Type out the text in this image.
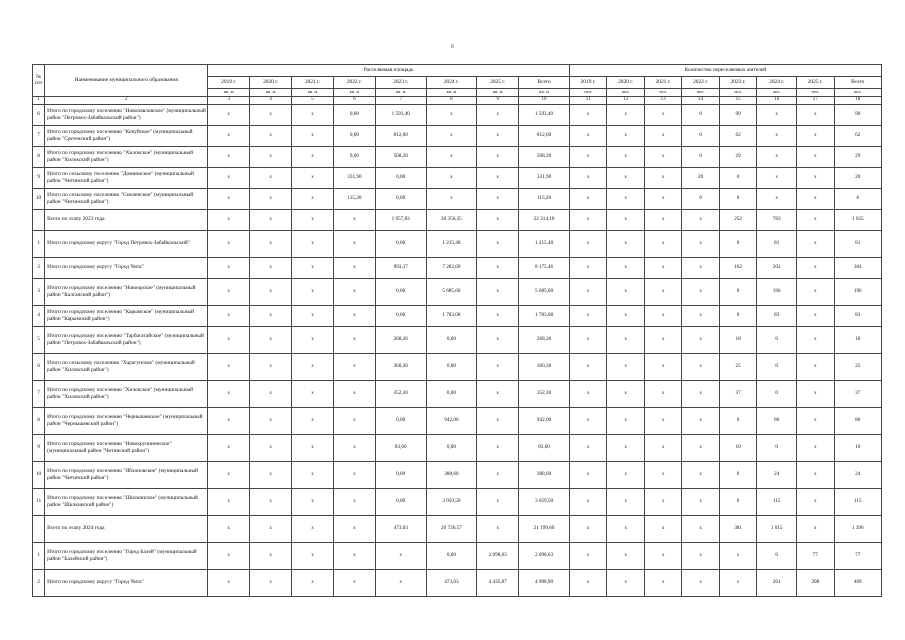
6
№ п/п	Наименование муниципального образования	Расселяемая площадь								Количество переселяемых жителей							
		2019 г.	2020 г.	2021 г.	2022 г.	2023 г.	2024 г.	2025 г.	Всего	2019 г.	2020 г.	2021 г.	2022 г.	2023 г.	2024 г.	2025 г.	Всего
		кв. м	кв. м	кв. м	кв. м	кв. м	кв. м	кв. м	кв. м	чел.	чел.	чел.	чел.	чел.	чел.	чел.	чел.
1	2	3	4	5	6	7	8	9	10	11	12	13	14	15	16	17	18
6	Итого по городскому поселению "Новопавловское" (муниципальный район "Петровск-Забайкальский район")	x	x	x	0,00	1 593,40	x	x	1 593,40	x	x	x	0	99	x	x	99
7	Итого по городскому поселению "Кокуйское" (муниципальный район "Сретенский район")	x	x	x	0,00	812,60	x	x	812,60	x	x	x	0	62	x	x	62
8	Итого по городскому поселению "Хилокское" (муниципальный район "Хилокский район")	x	x	x	0,00	508,20	x	x	508,20	x	x	x	0	29	x	x	29
9	Итого по сельскому поселению "Домнинское" (муниципальный район "Читинский район")	x	x	x	331,90	0,00	x	x	331,90	x	x	x	20	0	x	x	20
10	Итого по сельскому поселению "Смоленское" (муниципальный район "Читинский район")	x	x	x	115,20	0,00	x	x	115,20	x	x	x	6	0	x	x	6
	Всего по этапу 2023 года	x	x	x	x	1 957,83	20 356,35	x	22 314,18	x	x	x	x	252	783	x	1 035
1	Итого по городскому округу "Город Петровск-Забайкальский"	x	x	x	x	0,00	1 215,48	x	1 215,48	x	x	x	x	0	81	x	81
2	Итого по городскому округу "Город Чита"	x	x	x	x	893,37	7 282,09	x	8 175,46	x	x	x	x	162	202	x	364
3	Итого по городскому поселению "Новоорское" (муниципальный район "Калганский район")	x	x	x	x	0,00	5 685,60	x	5 685,60	x	x	x	x	0	196	x	196
4	Итого по городскому поселению "Карымское" (муниципальный район "Карымский район")	x	x	x	x	0,00	1 783,08	x	1 783,08	x	x	x	x	0	83	x	83
5	Итого по городскому поселению "Тарбагатайское" (муниципальный район "Петровск-Забайкальский район")	x	x	x	x	268,26	0,00	x	268,26	x	x	x	x	18	0	x	18
6	Итого по сельскому поселению "Харагунское" (муниципальный район "Хилокский район")	x	x	x	x	360,30	0,00	x	360,30	x	x	x	x	25	0	x	25
7	Итого по городскому поселению "Хилокское" (муниципальный район "Хилокский район")	x	x	x	x	352,30	0,00	x	352,30	x	x	x	x	37	0	x	37
8	Итого по городскому поселению "Чернышевское" (муниципальный район "Чернышевский район")	x	x	x	x	0,00	942,00	x	942,00	x	x	x	x	0	86	x	86
9	Итого по городскому поселению "Новокручининское" (муниципальный район "Читинский район")	x	x	x	x	83,60	0,00	x	83,60	x	x	x	x	10	0	x	10
10	Итого по городскому поселению "Яблоновское" (муниципальный район "Читинский район")	x	x	x	x	0,00	388,60	x	388,60	x	x	x	x	0	24	x	24
11	Итого по городскому поселению "Шилкинское" (муниципальный район "Шилкинский район")	x	x	x	x	0,00	3 059,50	x	3 059,50	x	x	x	x	0	115	x	115
	Всего по этапу 2024 года	x	x	x	x	473,03	20 726,57	x	21 199,60	x	x	x	x	381	1 015	x	1 396
1	Итого по городскому поселению "Город Балей" (муниципальный район "Балейский район")	x	x	x	x	x	0,00	2 098,63	2 098,63	x	x	x	x	x	0	77	77
2	Итого по городскому округу "Город Чита"	x	x	x	x	x	473,03	4 435,87	4 908,90	x	x	x	x	x	261	208	469
